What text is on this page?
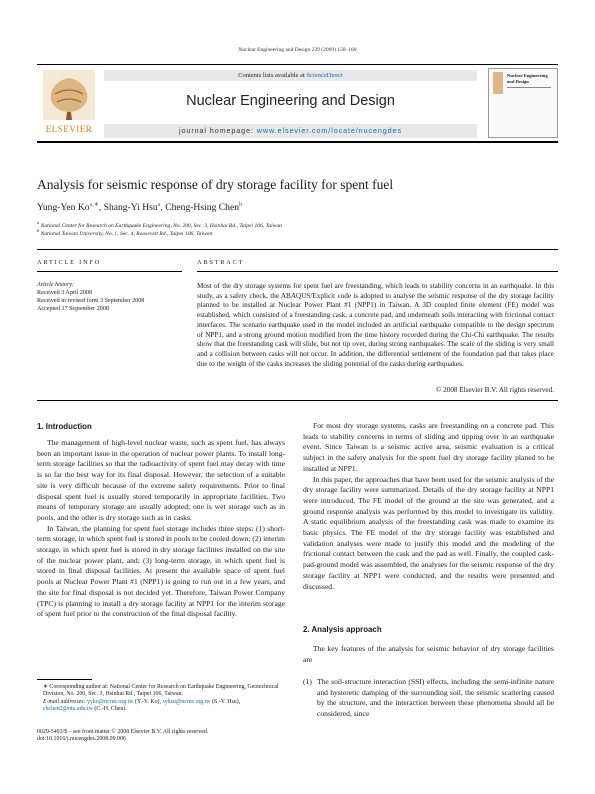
Nuclear Engineering and Design 239 (2009) 158–168
ELSEVIER
Contents lists available at ScienceDirect
Nuclear Engineering and Design
journal homepage: www.elsevier.com/locate/nucengdes
Nuclear Engineering and Design
Analysis for seismic response of dry storage facility for spent fuel
Yung-Yen $Ko^{a,∗}$, Shang-Yi Hsu$^a$, Cheng-Hsing Chen$^b$
$^a$ National Center for Research on Earthquake Engineering, No. 200, Sec. 3, Hsinhai Rd., Taipei 106, Taiwan
$^b$ National Taiwan University, No. 1, Sec. 4, Roosevelt Rd., Taipei 106, Taiwan
ARTICLE INFO
Article history:
Received 3 April 2008
Received in revised form 3 September 2008
Accepted 17 September 2008
ABSTRACT
Most of the dry storage systems for spent fuel are freestanding, which leads to stability concerns in an earthquake. In this study, as a safety check, the ABAQUS/Explicit code is adopted to analyse the seismic response of the dry storage facility planned to be installed at Nuclear Power Plant #1 (NPP1) in Taiwan. A 3D coupled finite element (FE) model was established, which consisted of a freestanding cask, a concrete pad, and underneath soils interacting with frictional contact interfaces. The scenario earthquake used in the model included an artificial earthquake compatible to the design spectrum of NPP1, and a strong ground motion modified from the time history recorded during the Chi-Chi earthquake. The results show that the freestanding cask will slide, but not tip over, during strong earthquakes. The scale of the sliding is very small and a collision between casks will not occur. In addition, the differential settlement of the foundation pad that takes place due to the weight of the casks increases the sliding potential of the casks during earthquakes.
© 2008 Elsevier B.V. All rights reserved.
1. Introduction

The management of high-level nuclear waste, such as spent fuel, has always been an important issue in the operation of nuclear power plants. To install long-term storage facilities so that the radioactivity of spent fuel may decay with time is so far the best way for its final disposal. However, the selection of a suitable site is very difficult because of the extreme safety requirements. Prior to final disposal spent fuel is usually stored temporarily in appropriate facilities. Two means of temporary storage are usually adopted; one is wet storage such as in pools, and the other is dry storage such as in casks.

In Taiwan, the planning for spent fuel storage includes three steps: (1) short-term storage, in which spent fuel is stored in pools to be cooled down; (2) interim storage, in which spent fuel is stored in dry storage facilities installed on the site of the nuclear power plant, and; (3) long-term storage, in which spent fuel is stored in final disposal facilities. At present the available space of spent fuel pools at Nuclear Power Plant #1 (NPP1) is going to run out in a few years, and the site for final disposal is not decided yet. Therefore, Taiwan Power Company (TPC) is planning to install a dry storage facility at NPP1 for the interim storage of spent fuel prior to the construction of the final disposal facility.

∗ Corresponding author at: National Center for Research on Earthquake Engineering, Geotechnical Division, No. 200, Sec. 3, Hsinhai Rd., Taipei 106, Taiwan.
E-mail addresses: yyko@ncree.org.tw (Y.-Y. Ko), syhsu@ncree.org.tw (S.-Y. Hsu), chchen2@ntu.edu.tw (C.-H. Chen).
0029-5493/$ – see front matter © 2008 Elsevier B.V. All rights reserved.
doi:10.1016/j.nucengdes.2008.09.006

For most dry storage systems, casks are freestanding on a concrete pad. This leads to stability concerns in terms of sliding and tipping over in an earthquake event. Since Taiwan is a seismic active area, seismic evaluation is a critical subject in the safety analysis for the spent fuel dry storage facility planed to be installed at NPP1.

In this paper, the approaches that have been used for the seismic analysis of the dry storage facility were summarized. Details of the dry storage facility at NPP1 were introduced. The FE model of the ground at the site was generated, and a ground response analysis was performed by this model to investigate its validity. A static equilibrium analysis of the freestanding cask was made to examine its basic physics. The FE model of the dry storage facility was established and validation analyses were made to justify this model and the modeling of the frictional contact between the cask and the pad as well. Finally, the coupled cask-pad-ground model was assembled, the analyses for the seismic response of the dry storage facility at NPP1 were conducted, and the results were presented and discussed.

2. Analysis approach

The key features of the analysis for seismic behavior of dry storage facilities are

(1) The soil-structure interaction (SSI) effects, including the semi-infinite nature and hysteretic damping of the surrounding soil, the seismic scattering caused by the structure, and the interaction between these phenomena should all be considered, since
